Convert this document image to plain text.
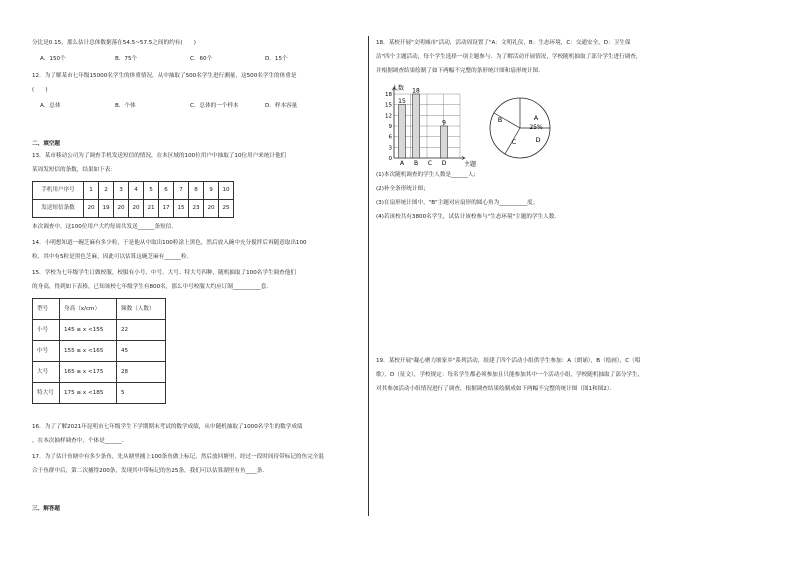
分比是0.15，那么估计总体数据落在54.5~57.5之间的约有(　　)

A．150个	B．75个	C．60个	D．15个

12．为了解某市七年级15000名学生的体重情况，从中抽取了500名学生进行测量，这500名学生的体重是

(　　)

A．总体	B．个体	C．总体的一个样本	D．样本容量

二、填空题

13．某市移动公司为了调查手机发送短信的情况，在本区域的100位用户中抽取了10位用户来统计他们

某周发短信的条数，结果如下表：

手机用户序号	1	2	3	4	5	6	7	8	9	10
发送短信条数	20	19	20	20	21	17	15	23	20	25

本次调查中，这100位用户大约每周共发送______条短信．

14．小明想知道一碗芝麻有多少粒，于是他从中取出100粒涂上黑色，然后放入碗中充分搅拌后再随意取出100

粒，其中有5粒是黑色芝麻，因此可以估算这碗芝麻有______粒．

15．学校为七年级学生订做校服，校服有小号、中号、大号、特大号四种，随机抽取了100名学生调查他们

的身高，得到如下表格，已知该校七年级学生有800名，那么中号校服大约应订制__________套．

型号	身高（x/cm）	频数（人数）
小号	145 ≤ x <155	22
中号	155 ≤ x <165	45
大号	165 ≤ x <175	28
特大号	175 ≤ x <185	5

16．为了了解2021年昆明市七年级学生下学期期末考试的数学成绩，从中随机抽取了1000名学生的数学成绩

，在本次抽样调查中，个体是______．

17．为了估计鱼塘中有多少条鱼，先从塘里捕上100条鱼做上标记，然后放回塘里，经过一段时间待带标记的鱼完全混

合于鱼群中后，第二次捕得200条，发现其中带标记的鱼25条，我们可以估算湖里有鱼____条．

三、解答题

18．某校开展"文明城市"活动，活动周设置了"A：文明礼仪，B：生态环境，C：交通安全，D：卫生保

洁"四个主题活动，每个学生选择一项主题参与．为了解活动开展情况，学校随机抽取了部分学生进行调查，

并根据调查结果绘制了如下两幅不完整的条形统计图和扇形统计图．

3
6
9
12
15
18
0
15
A
18
B C
9
D
人数
主题
A
B
C	D
25%

(1)本次随机调查的学生人数是______人；

(2)补全条形统计图；

(3)在扇形统计图中，"B"主题对应扇形的圆心角为__________度；

(4)若该校共有3800名学生，试估计该校参与"生态环境"主题的学生人数．

19．某校开展"凝心聚力颂家乡"系列活动，组建了四个活动小组供学生参加：A（朗诵），B（绘画），C（唱

歌），D（征文），学校规定：每名学生都必须参加且只能参加其中一个活动小组，学校随机抽取了部分学生，

对其参加活动小组情况进行了调查，根据调查结果绘制成如下两幅不完整的统计图（图1和图2）．
